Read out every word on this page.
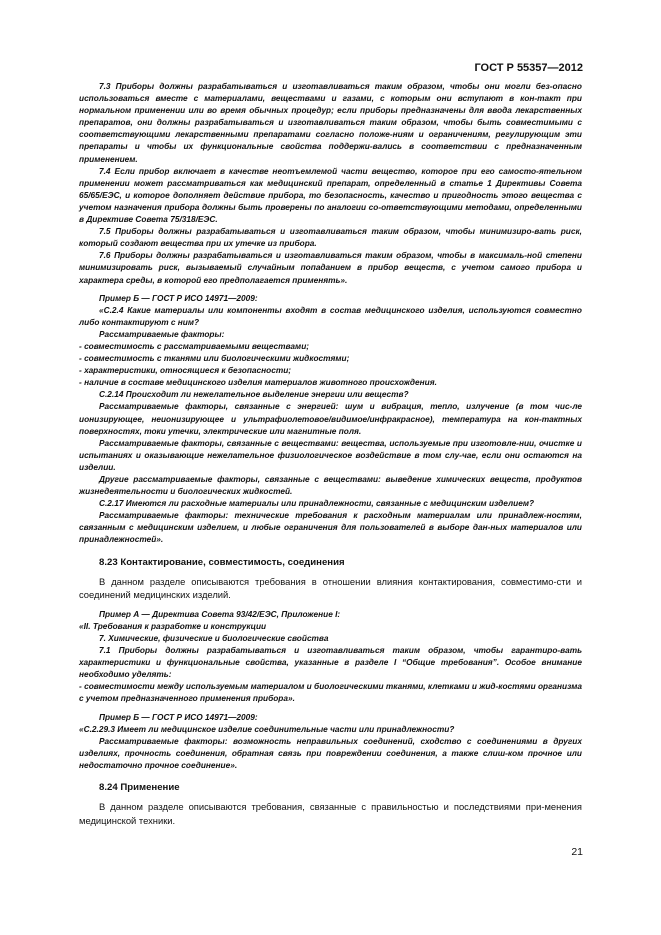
ГОСТ Р 55357—2012

7.3 Приборы должны разрабатываться и изготавливаться таким образом, чтобы они могли без-опасно использоваться вместе с материалами, веществами и газами, с которым они вступают в кон-такт при нормальном применении или во время обычных процедур; если приборы предназначены для ввода лекарственных препаратов, они должны разрабатываться и изготавливаться таким образом, чтобы быть совместимыми с соответствующими лекарственными препаратами согласно положе-ниям и ограничениям, регулирующим эти препараты и чтобы их функциональные свойства поддержи-вались в соответствии с предназначенным применением.

7.4 Если прибор включает в качестве неотъемлемой части вещество, которое при его самосто-ятельном применении может рассматриваться как медицинский препарат, определенный в статье 1 Директивы Совета 65/65/ЕЭС, и которое дополняет действие прибора, то безопасность, качество и пригодность этого вещества с учетом назначения прибора должны быть проверены по аналогии со-ответствующими методами, определенными в Директиве Совета 75/318/ЕЭС.

7.5 Приборы должны разрабатываться и изготавливаться таким образом, чтобы минимизиро-вать риск, который создают вещества при их утечке из прибора.

7.6 Приборы должны разрабатываться и изготавливаться таким образом, чтобы в максималь-ной степени минимизировать риск, вызываемый случайным попаданием в прибор веществ, с учетом самого прибора и характера среды, в которой его предполагается применять».

Пример Б — ГОСТ Р ИСО 14971—2009:

«С.2.4 Какие материалы или компоненты входят в состав медицинского изделия, используются совместно либо контактируют с ним?

Рассматриваемые факторы:

- совместимость с рассматриваемыми веществами;

- совместимость с тканями или биологическими жидкостями;

- характеристики, относящиеся к безопасности;

- наличие в составе медицинского изделия материалов животного происхождения.

С.2.14 Происходит ли нежелательное выделение энергии или веществ?

Рассматриваемые факторы, связанные с энергией: шум и вибрация, тепло, излучение (в том чис-ле ионизирующее, неионизирующее и ультрафиолетовое/видимое/инфракрасное), температура на кон-тактных поверхностях, токи утечки, электрические или магнитные поля.

Рассматриваемые факторы, связанные с веществами: вещества, используемые при изготовле-нии, очистке и испытаниях и оказывающие нежелательное физиологическое воздействие в том слу-чае, если они остаются на изделии.

Другие рассматриваемые факторы, связанные с веществами: выведение химических веществ, продуктов жизнедеятельности и биологических жидкостей.

С.2.17 Имеются ли расходные материалы или принадлежности, связанные с медицинским изделием?

Рассматриваемые факторы: технические требования к расходным материалам или принадлеж-ностям, связанным с медицинским изделием, и любые ограничения для пользователей в выборе дан-ных материалов или принадлежностей».

8.23 Контактирование, совместимость, соединения

В данном разделе описываются требования в отношении влияния контактирования, совместимо-сти и соединений медицинских изделий.

Пример А — Директива Совета 93/42/ЕЭС, Приложение I:

«II. Требования к разработке и конструкции

7. Химические, физические и биологические свойства

7.1 Приборы должны разрабатываться и изготавливаться таким образом, чтобы гарантиро-вать характеристики и функциональные свойства, указанные в разделе I “Общие требования”. Особое внимание необходимо уделять:

- совместимости между используемым материалом и биологическими тканями, клетками и жид-костями организма с учетом предназначенного применения прибора».

Пример Б — ГОСТ Р ИСО 14971—2009:

«С.2.29.3 Имеет ли медицинское изделие соединительные части или принадлежности?

Рассматриваемые факторы: возможность неправильных соединений, сходство с соединениями в других изделиях, прочность соединения, обратная связь при повреждении соединения, а также слиш-ком прочное или недостаточно прочное соединение».

8.24 Применение

В данном разделе описываются требования, связанные с правильностью и последствиями при-менения медицинской техники.

21
